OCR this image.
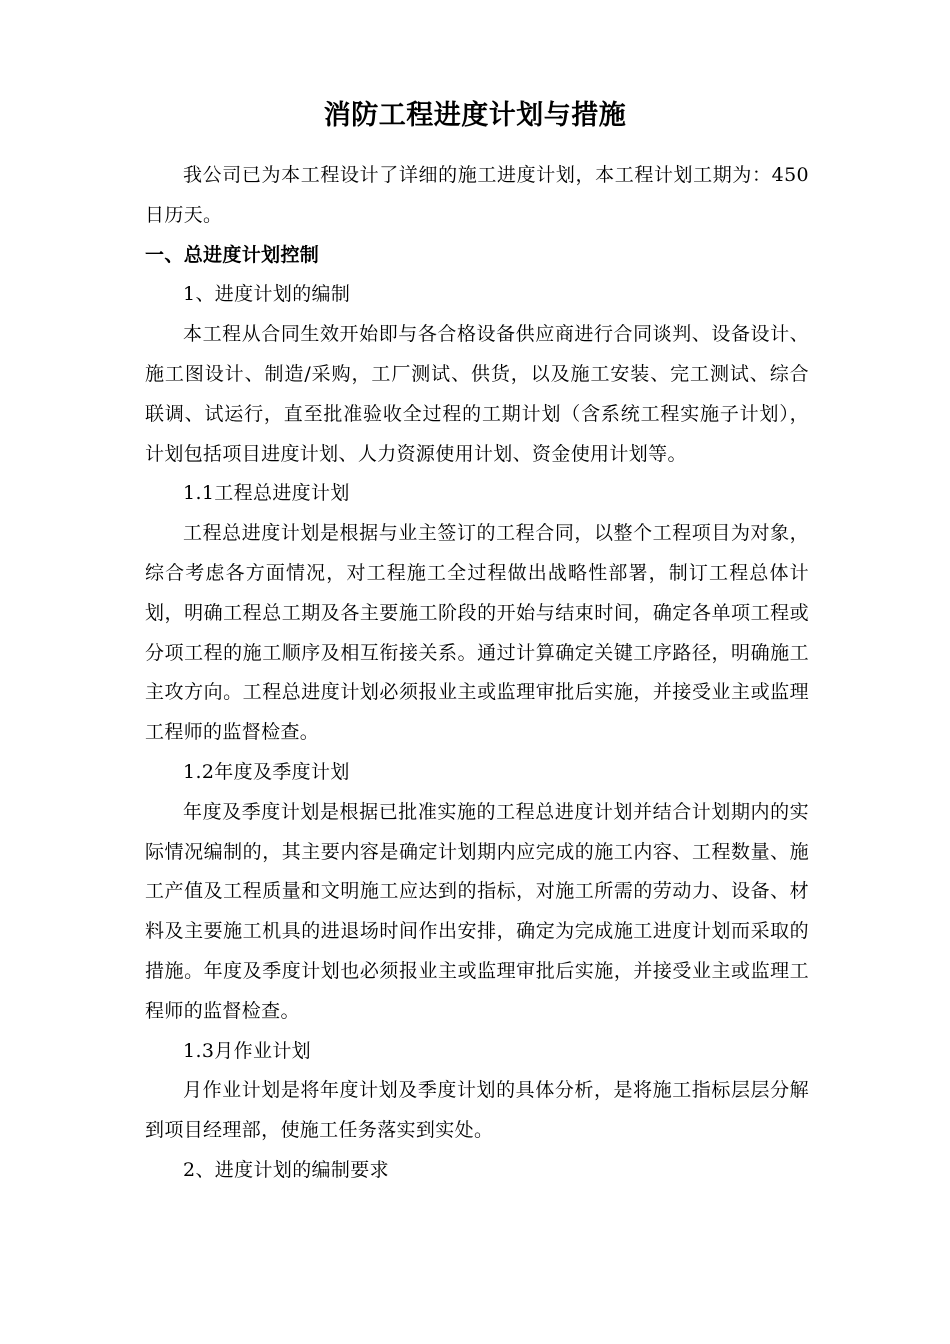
消防工程进度计划与措施

我公司已为本工程设计了详细的施工进度计划，本工程计划工期为：450日历天。

一、总进度计划控制

1、进度计划的编制

本工程从合同生效开始即与各合格设备供应商进行合同谈判、设备设计、施工图设计、制造/采购，工厂测试、供货，以及施工安装、完工测试、综合联调、试运行，直至批准验收全过程的工期计划（含系统工程实施子计划），计划包括项目进度计划、人力资源使用计划、资金使用计划等。

1.1工程总进度计划

工程总进度计划是根据与业主签订的工程合同，以整个工程项目为对象，综合考虑各方面情况，对工程施工全过程做出战略性部署，制订工程总体计划，明确工程总工期及各主要施工阶段的开始与结束时间，确定各单项工程或分项工程的施工顺序及相互衔接关系。通过计算确定关键工序路径，明确施工主攻方向。工程总进度计划必须报业主或监理审批后实施，并接受业主或监理工程师的监督检查。

1.2年度及季度计划

年度及季度计划是根据已批准实施的工程总进度计划并结合计划期内的实际情况编制的，其主要内容是确定计划期内应完成的施工内容、工程数量、施工产值及工程质量和文明施工应达到的指标，对施工所需的劳动力、设备、材料及主要施工机具的进退场时间作出安排，确定为完成施工进度计划而采取的措施。年度及季度计划也必须报业主或监理审批后实施，并接受业主或监理工程师的监督检查。

1.3月作业计划

月作业计划是将年度计划及季度计划的具体分析，是将施工指标层层分解到项目经理部，使施工任务落实到实处。

2、进度计划的编制要求
